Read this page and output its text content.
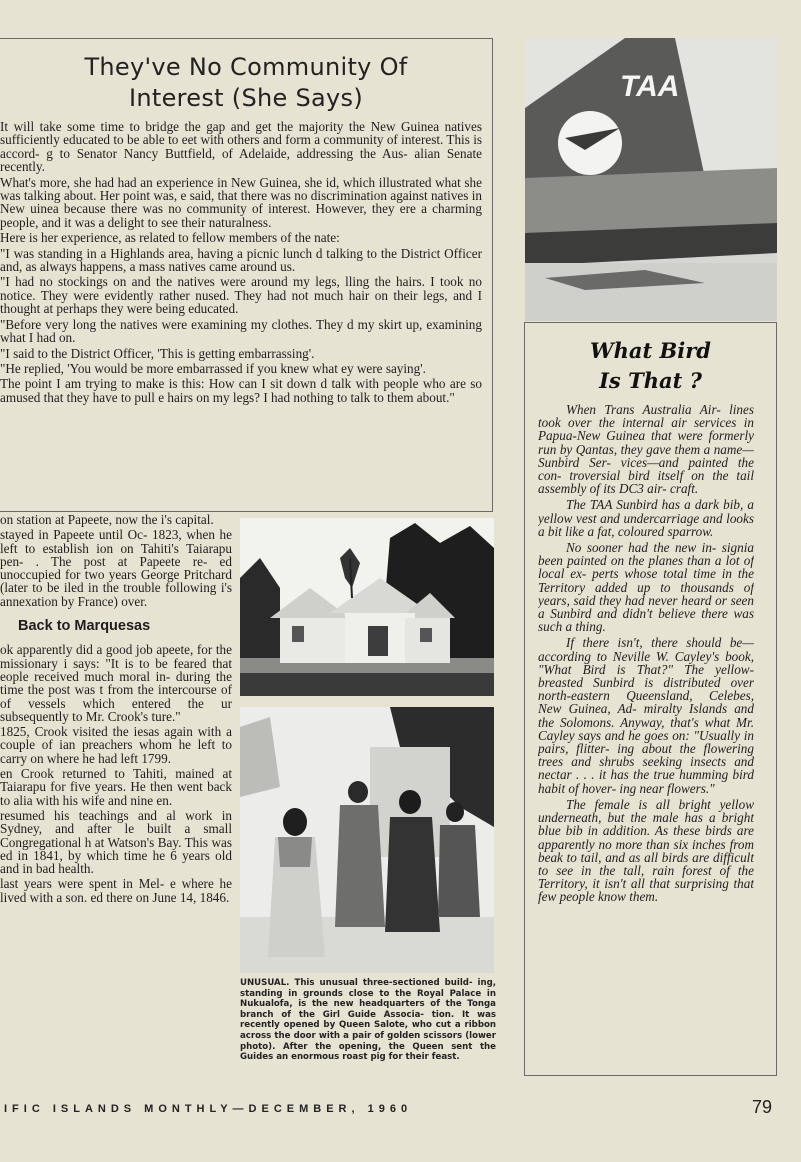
They've No Community Of
Interest (She Says)

It will take some time to bridge the gap and get the majority the New Guinea natives sufficiently educated to be able to eet with others and form a community of interest. This is accord- g to Senator Nancy Buttfield, of Adelaide, addressing the Aus- alian Senate recently.

What's more, she had had an experience in New Guinea, she id, which illustrated what she was talking about. Her point was, e said, that there was no discrimination against natives in New uinea because there was no community of interest. However, they ere a charming people, and it was a delight to see their naturalness.

Here is her experience, as related to fellow members of the nate:

"I was standing in a Highlands area, having a picnic lunch d talking to the District Officer and, as always happens, a mass natives came around us.

"I had no stockings on and the natives were around my legs, lling the hairs. I took no notice. They were evidently rather nused. They had not much hair on their legs, and I thought at perhaps they were being educated.

"Before very long the natives were examining my clothes. They d my skirt up, examining what I had on.

"I said to the District Officer, 'This is getting embarrassing'.

"He replied, 'You would be more embarrassed if you knew what ey were saying'.

The point I am trying to make is this: How can I sit down d talk with people who are so amused that they have to pull e hairs on my legs? I had nothing to talk to them about."

on station at Papeete, now the i's capital.

stayed in Papeete until Oc- 1823, when he left to establish ion on Tahiti's Taiarapu pen- . The post at Papeete re- ed unoccupied for two years George Pritchard (later to be iled in the trouble following i's annexation by France) over.

Back to Marquesas

ok apparently did a good job apeete, for the missionary i says: "It is to be feared that eople received much moral in- during the time the post was t from the intercourse of of vessels which entered the ur subsequently to Mr. Crook's ture."

1825, Crook visited the iesas again with a couple of ian preachers whom he left to carry on where he had left 1799.

en Crook returned to Tahiti, mained at Taiarapu for five years. He then went back to alia with his wife and nine en.

resumed his teachings and al work in Sydney, and after le built a small Congregational h at Watson's Bay. This was ed in 1841, by which time he 6 years old and in bad health.

last years were spent in Mel- e where he lived with a son. ed there on June 14, 1846.

UNUSUAL. This unusual three-sectioned build- ing, standing in grounds close to the Royal Palace in Nukualofa, is the new headquarters of the Tonga branch of the Girl Guide Associa- tion. It was recently opened by Queen Salote, who cut a ribbon across the door with a pair of golden scissors (lower photo). After the opening, the Queen sent the Guides an enormous roast pig for their feast.
TAA
What Bird
Is That ?

When Trans Australia Air- lines took over the internal air services in Papua-New Guinea that were formerly run by Qantas, they gave them a name—Sunbird Ser- vices—and painted the con- troversial bird itself on the tail assembly of its DC3 air- craft.

The TAA Sunbird has a dark bib, a yellow vest and undercarriage and looks a bit like a fat, coloured sparrow.

No sooner had the new in- signia been painted on the planes than a lot of local ex- perts whose total time in the Territory added up to thousands of years, said they had never heard or seen a Sunbird and didn't believe there was such a thing.

If there isn't, there should be—according to Neville W. Cayley's book, "What Bird is That?" The yellow-breasted Sunbird is distributed over north-eastern Queensland, Celebes, New Guinea, Ad- miralty Islands and the Solomons. Anyway, that's what Mr. Cayley says and he goes on: "Usually in pairs, flitter- ing about the flowering trees and shrubs seeking insects and nectar . . . it has the true humming bird habit of hover- ing near flowers."

The female is all bright yellow underneath, but the male has a bright blue bib in addition. As these birds are apparently no more than six inches from beak to tail, and as all birds are difficult to see in the tall, rain forest of the Territory, it isn't all that surprising that few people know them.

IFIC ISLANDS MONTHLY—DECEMBER, 1960	79
